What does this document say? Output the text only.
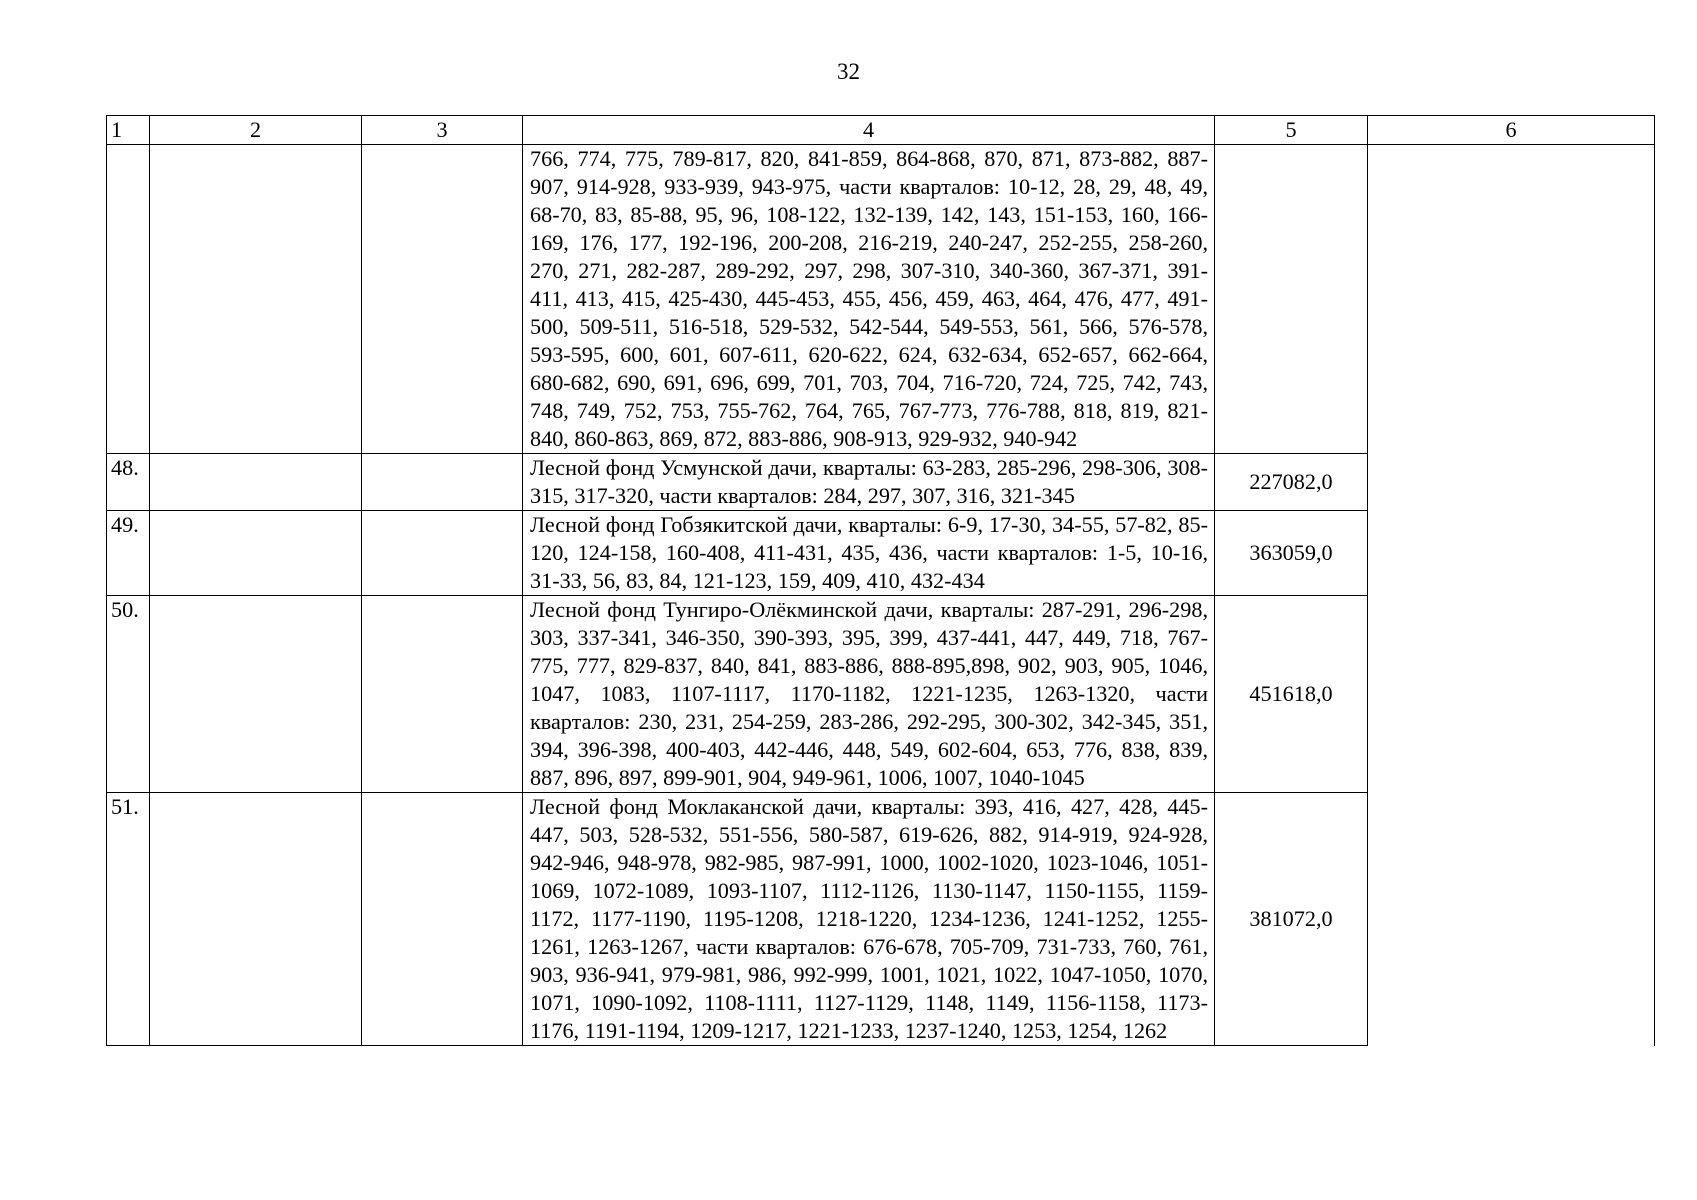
32
1	2	3	4	5	6
			766, 774, 775, 789-817, 820, 841-859, 864-868, 870, 871, 873-882, 887-907, 914-928, 933-939, 943-975, части кварталов: 10-12, 28, 29, 48, 49, 68-70, 83, 85-88, 95, 96, 108-122, 132-139, 142, 143, 151-153, 160, 166-169, 176, 177, 192-196, 200-208, 216-219, 240-247, 252-255, 258-260, 270, 271, 282-287, 289-292, 297, 298, 307-310, 340-360, 367-371, 391- 411, 413, 415, 425-430, 445-453, 455, 456, 459, 463, 464, 476, 477, 491-500, 509-511, 516-518, 529-532, 542-544, 549-553, 561, 566, 576-578, 593-595, 600, 601, 607-611, 620-622, 624, 632-634, 652-657, 662-664, 680-682, 690, 691, 696, 699, 701, 703, 704, 716-720, 724, 725, 742, 743, 748, 749, 752, 753, 755-762, 764, 765, 767-773, 776-788, 818, 819, 821-840, 860-863, 869, 872, 883-886, 908-913, 929-932, 940-942		
48.			Лесной фонд Усмунской дачи, кварталы: 63-283, 285-296, 298-306, 308-315, 317-320, части кварталов: 284, 297, 307, 316, 321-345	227082,0	
49.			Лесной фонд Гобзякитской дачи, кварталы: 6-9, 17-30, 34-55, 57-82, 85-120, 124-158, 160-408, 411-431, 435, 436, части кварталов: 1-5, 10-16, 31-33, 56, 83, 84, 121-123, 159, 409, 410, 432-434	363059,0	
50.			Лесной фонд Тунгиро-Олёкминской дачи, кварталы: 287-291, 296-298, 303, 337-341, 346-350, 390-393, 395, 399, 437-441, 447, 449, 718, 767-775, 777, 829-837, 840, 841, 883-886, 888-895,898, 902, 903, 905, 1046, 1047, 1083, 1107-1117, 1170-1182, 1221-1235, 1263-1320, части кварталов: 230, 231, 254-259, 283-286, 292-295, 300-302, 342-345, 351, 394, 396-398, 400-403, 442-446, 448, 549, 602-604, 653, 776, 838, 839, 887, 896, 897, 899-901, 904, 949-961, 1006, 1007, 1040-1045	451618,0	
51.			Лесной фонд Моклаканской дачи, кварталы: 393, 416, 427, 428, 445-447, 503, 528-532, 551-556, 580-587, 619-626, 882, 914-919, 924-928, 942-946, 948-978, 982-985, 987-991, 1000, 1002-1020, 1023-1046, 1051-1069, 1072-1089, 1093-1107, 1112-1126, 1130-1147, 1150-1155, 1159-1172, 1177-1190, 1195-1208, 1218-1220, 1234-1236, 1241-1252, 1255-1261, 1263-1267, части кварталов: 676-678, 705-709, 731-733, 760, 761, 903, 936-941, 979-981, 986, 992-999, 1001, 1021, 1022, 1047-1050, 1070, 1071, 1090-1092, 1108-1111, 1127-1129, 1148, 1149, 1156-1158, 1173-1176, 1191-1194, 1209-1217, 1221-1233, 1237-1240, 1253, 1254, 1262	381072,0	
